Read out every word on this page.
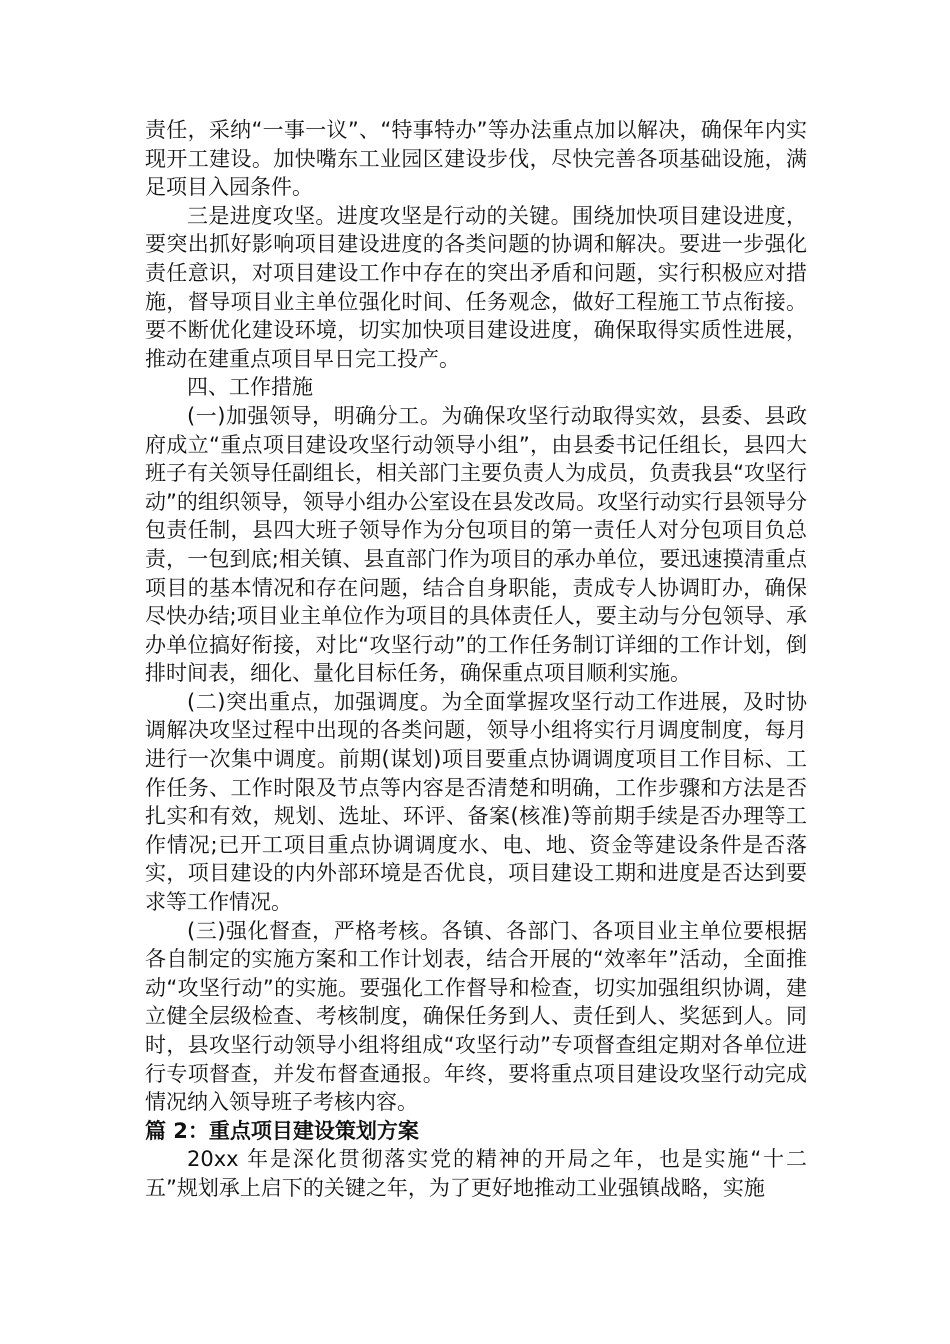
责任，采纳“一事一议”、“特事特办”等办法重点加以解决，确保年内实现开工建设。加快嘴东工业园区建设步伐，尽快完善各项基础设施，满足项目入园条件。

三是进度攻坚。进度攻坚是行动的关键。围绕加快项目建设进度，要突出抓好影响项目建设进度的各类问题的协调和解决。要进一步强化责任意识，对项目建设工作中存在的突出矛盾和问题，实行积极应对措施，督导项目业主单位强化时间、任务观念，做好工程施工节点衔接。要不断优化建设环境，切实加快项目建设进度，确保取得实质性进展，推动在建重点项目早日完工投产。

四、工作措施

(一)加强领导，明确分工。为确保攻坚行动取得实效，县委、县政府成立“重点项目建设攻坚行动领导小组”，由县委书记任组长，县四大班子有关领导任副组长，相关部门主要负责人为成员，负责我县“攻坚行动”的组织领导，领导小组办公室设在县发改局。攻坚行动实行县领导分包责任制，县四大班子领导作为分包项目的第一责任人对分包项目负总责，一包到底;相关镇、县直部门作为项目的承办单位，要迅速摸清重点项目的基本情况和存在问题，结合自身职能，责成专人协调盯办，确保尽快办结;项目业主单位作为项目的具体责任人，要主动与分包领导、承办单位搞好衔接，对比“攻坚行动”的工作任务制订详细的工作计划，倒排时间表，细化、量化目标任务，确保重点项目顺利实施。

(二)突出重点，加强调度。为全面掌握攻坚行动工作进展，及时协调解决攻坚过程中出现的各类问题，领导小组将实行月调度制度，每月进行一次集中调度。前期(谋划)项目要重点协调调度项目工作目标、工作任务、工作时限及节点等内容是否清楚和明确，工作步骤和方法是否扎实和有效，规划、选址、环评、备案(核准)等前期手续是否办理等工作情况;已开工项目重点协调调度水、电、地、资金等建设条件是否落实，项目建设的内外部环境是否优良，项目建设工期和进度是否达到要求等工作情况。

(三)强化督查，严格考核。各镇、各部门、各项目业主单位要根据各自制定的实施方案和工作计划表，结合开展的“效率年”活动，全面推动“攻坚行动”的实施。要强化工作督导和检查，切实加强组织协调，建立健全层级检查、考核制度，确保任务到人、责任到人、奖惩到人。同时，县攻坚行动领导小组将组成“攻坚行动”专项督查组定期对各单位进行专项督查，并发布督查通报。年终，要将重点项目建设攻坚行动完成情况纳入领导班子考核内容。

篇 2：重点项目建设策划方案

20xx 年是深化贯彻落实党的精神的开局之年，也是实施“十二五”规划承上启下的关键之年，为了更好地推动工业强镇战略，实施
